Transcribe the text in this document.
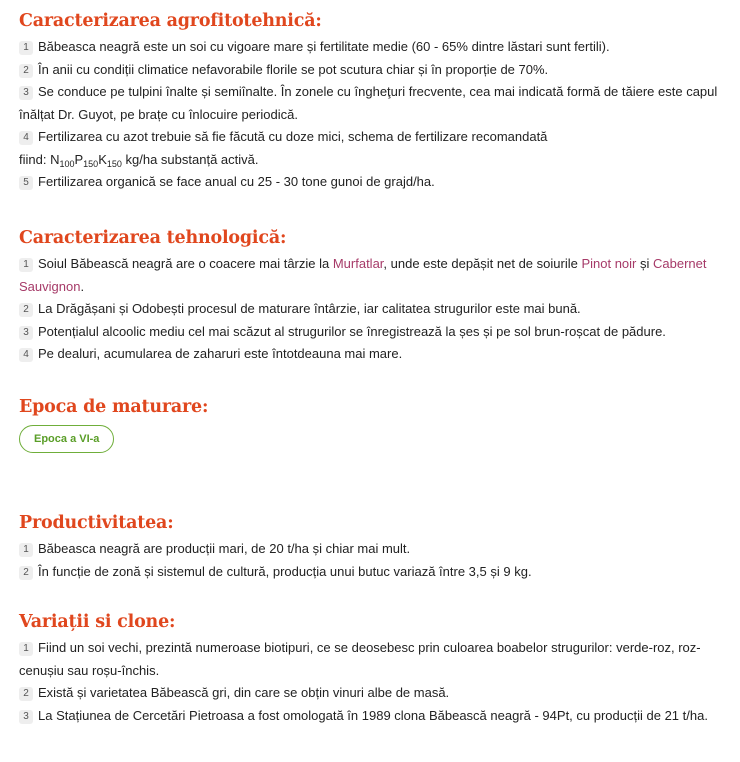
Caracterizarea agrofitotehnică:
1 Băbeasca neagră este un soi cu vigoare mare și fertilitate medie (60 - 65% dintre lăstari sunt fertili).
2 În anii cu condiții climatice nefavorabile florile se pot scutura chiar și în proporție de 70%.
3 Se conduce pe tulpini înalte și semiînalte. În zonele cu îngheţuri frecvente, cea mai indicată formă de tăiere este capul înălțat Dr. Guyot, pe brațe cu înlocuire periodică.
4 Fertilizarea cu azot trebuie să fie făcută cu doze mici, schema de fertilizare recomandată
fiind: $N_{100}P_{150}K_{150}$ kg/ha substanță activă.
5 Fertilizarea organică se face anual cu 25 - 30 tone gunoi de grajd/ha.
Caracterizarea tehnologică:
1 Soiul Băbească neagră are o coacere mai târzie la Murfatlar, unde este depășit net de soiurile Pinot noir și Cabernet Sauvignon.
2 La Drăgășani și Odobești procesul de maturare întârzie, iar calitatea strugurilor este mai bună.
3 Potențialul alcoolic mediu cel mai scăzut al strugurilor se înregistrează la șes și pe sol brun-roșcat de pădure.
4 Pe dealuri, acumularea de zaharuri este întotdeauna mai mare.
Epoca de maturare:
Epoca a VI-a
Productivitatea:
1 Băbeasca neagră are producții mari, de 20 t/ha și chiar mai mult.
2 În funcție de zonă și sistemul de cultură, producția unui butuc variază între 3,5 și 9 kg.
Variații si clone:
1 Fiind un soi vechi, prezintă numeroase biotipuri, ce se deosebesc prin culoarea boabelor strugurilor: verde-roz, roz-cenușiu sau roșu-închis.
2 Există și varietatea Băbească gri, din care se obțin vinuri albe de masă.
3 La Stațiunea de Cercetări Pietroasa a fost omologată în 1989 clona Băbească neagră - 94Pt, cu producții de 21 t/ha.
